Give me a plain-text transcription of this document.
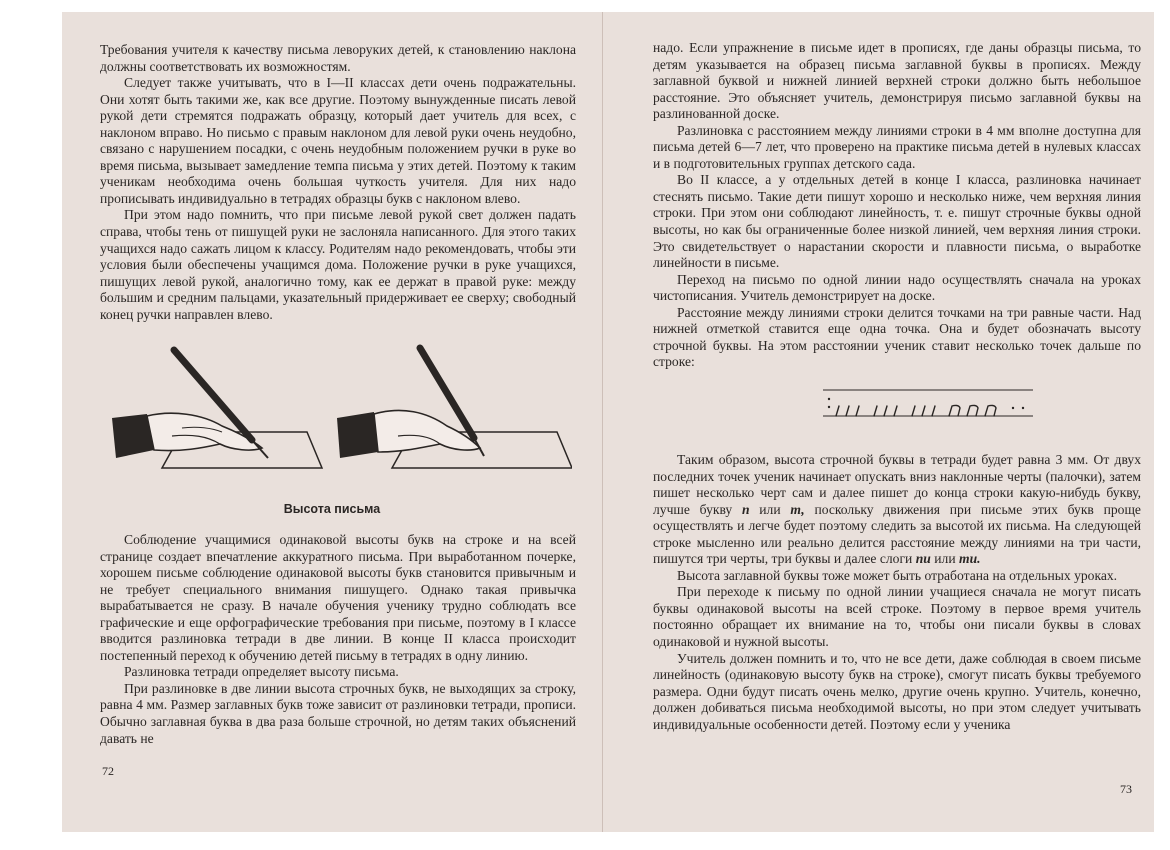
Требования учителя к качеству письма леворуких детей, к становлению наклона должны соответствовать их возможностям.

Следует также учитывать, что в I—II классах дети очень подражательны. Они хотят быть такими же, как все другие. Поэтому вынужденные писать левой рукой дети стремятся подражать образцу, который дает учитель для всех, с наклоном вправо. Но письмо с правым наклоном для левой руки очень неудобно, связано с нарушением посадки, с очень неудобным положением ручки в руке во время письма, вызывает замедление темпа письма у этих детей. Поэтому к таким ученикам необходима очень большая чуткость учителя. Для них надо прописывать индивидуально в тетрадях образцы букв с наклоном влево.

При этом надо помнить, что при письме левой рукой свет должен падать справа, чтобы тень от пишущей руки не заслоняла написанного. Для этого таких учащихся надо сажать лицом к классу. Родителям надо рекомендовать, чтобы эти условия были обеспечены учащимся дома. Положение ручки в руке учащихся, пишущих левой рукой, аналогично тому, как ее держат в правой руке: между большим и средним пальцами, указательный придерживает ее сверху; свободный конец ручки направлен влево.

Высота письма

Соблюдение учащимися одинаковой высоты букв на строке и на всей странице создает впечатление аккуратного письма. При выработанном почерке, хорошем письме соблюдение одинаковой высоты букв становится привычным и не требует специального внимания пишущего. Однако такая привычка вырабатывается не сразу. В начале обучения ученику трудно соблюдать все графические и еще орфографические требования при письме, поэтому в I классе вводится разлиновка тетради в две линии. В конце II класса происходит постепенный переход к обучению детей письму в тетрадях в одну линию.

Разлиновка тетради определяет высоту письма.

При разлиновке в две линии высота строчных букв, не выходящих за строку, равна 4 мм. Размер заглавных букв тоже зависит от разлиновки тетради, прописи. Обычно заглавная буква в два раза больше строчной, но детям таких объяснений давать не

72

надо. Если упражнение в письме идет в прописях, где даны образцы письма, то детям указывается на образец письма заглавной буквы в прописях. Между заглавной буквой и нижней линией верхней строки должно быть небольшое расстояние. Это объясняет учитель, демонстрируя письмо заглавной буквы на разлинованной доске.

Разлиновка с расстоянием между линиями строки в 4 мм вполне доступна для письма детей 6—7 лет, что проверено на практике письма детей в нулевых классах и в подготовительных группах детского сада.

Во II классе, а у отдельных детей в конце I класса, разлиновка начинает стеснять письмо. Такие дети пишут хорошо и несколько ниже, чем верхняя линия строки. При этом они соблюдают линейность, т. е. пишут строчные буквы одной высоты, но как бы ограниченные более низкой линией, чем верхняя линия строки. Это свидетельствует о нарастании скорости и плавности письма, о выработке линейности в письме.

Переход на письмо по одной линии надо осуществлять сначала на уроках чистописания. Учитель демонстрирует на доске.

Расстояние между линиями строки делится точками на три равные части. Над нижней отметкой ставится еще одна точка. Она и будет обозначать высоту строчной буквы. На этом расстоянии ученик ставит несколько точек дальше по строке:

Таким образом, высота строчной буквы в тетради будет равна 3 мм. От двух последних точек ученик начинает опускать вниз наклонные черты (палочки), затем пишет несколько черт сам и далее пишет до конца строки какую-нибудь букву, лучше букву п или т, поскольку движения при письме этих букв проще осуществлять и легче будет поэтому следить за высотой их письма. На следующей строке мысленно или реально делится расстояние между линиями на три части, пишутся три черты, три буквы и далее слоги пи или ти.

Высота заглавной буквы тоже может быть отработана на отдельных уроках.

При переходе к письму по одной линии учащиеся сначала не могут писать буквы одинаковой высоты на всей строке. Поэтому в первое время учитель постоянно обращает их внимание на то, чтобы они писали буквы в словах одинаковой и нужной высоты.

Учитель должен помнить и то, что не все дети, даже соблюдая в своем письме линейность (одинаковую высоту букв на строке), смогут писать буквы требуемого размера. Одни будут писать очень мелко, другие очень крупно. Учитель, конечно, должен добиваться письма необходимой высоты, но при этом следует учитывать индивидуальные особенности детей. Поэтому если у ученика

73
